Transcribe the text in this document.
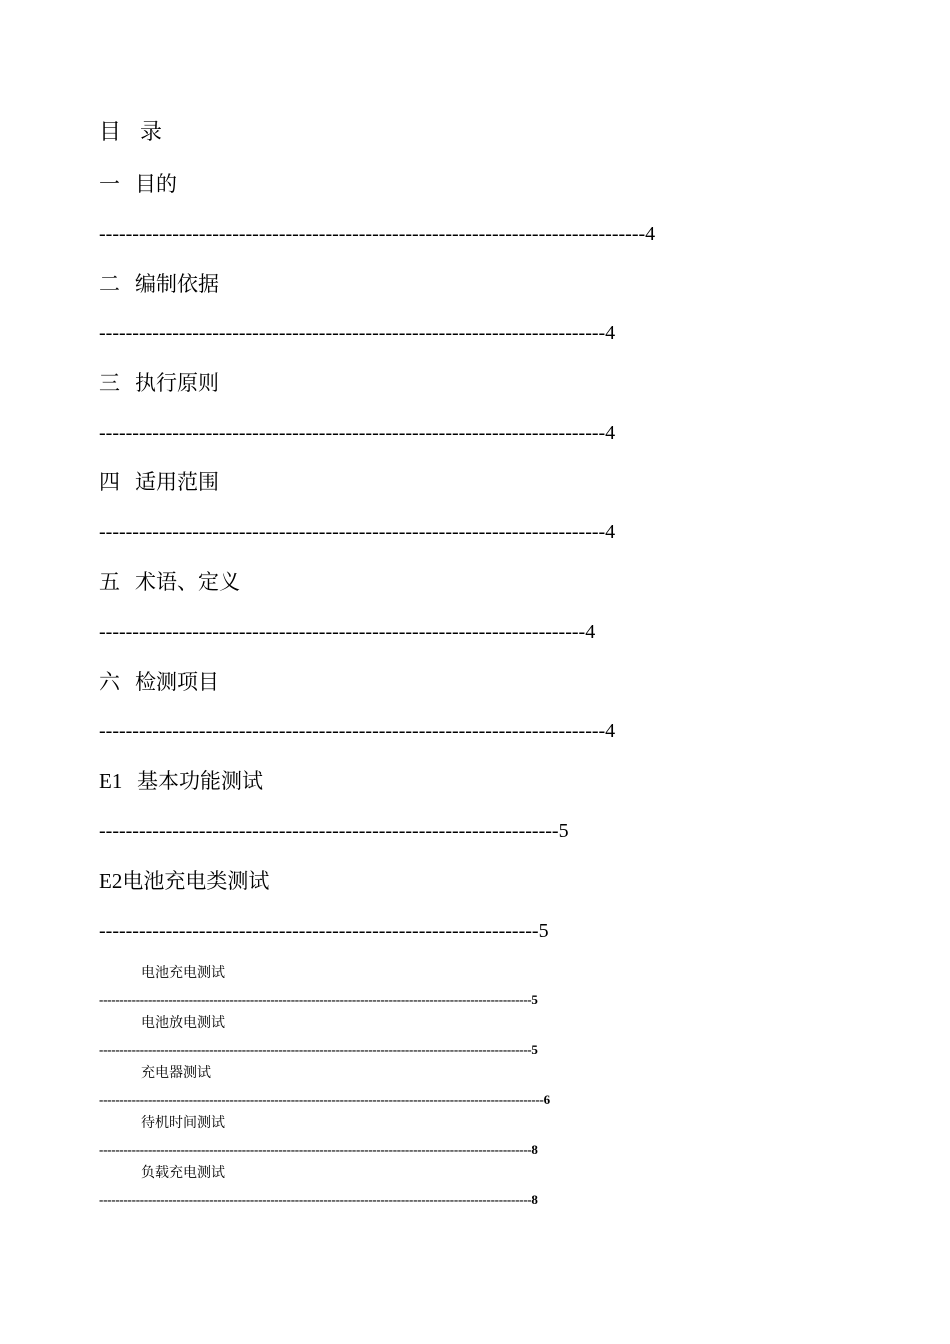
目 录
一 目的
----------------------------------------------------------------------------------4
二 编制依据
----------------------------------------------------------------------------4
三 执行原则
----------------------------------------------------------------------------4
四 适用范围
----------------------------------------------------------------------------4
五 术语、定义
-------------------------------------------------------------------------4
六 检测项目
----------------------------------------------------------------------------4
E1 基本功能测试
---------------------------------------------------------------------5
E2电池充电类测试
------------------------------------------------------------------5
电池充电测试
----------------------------------------------------------------------------------------------------------5
电池放电测试
----------------------------------------------------------------------------------------------------------5
充电器测试
-------------------------------------------------------------------------------------------------------------6
待机时间测试
----------------------------------------------------------------------------------------------------------8
负载充电测试
----------------------------------------------------------------------------------------------------------8
